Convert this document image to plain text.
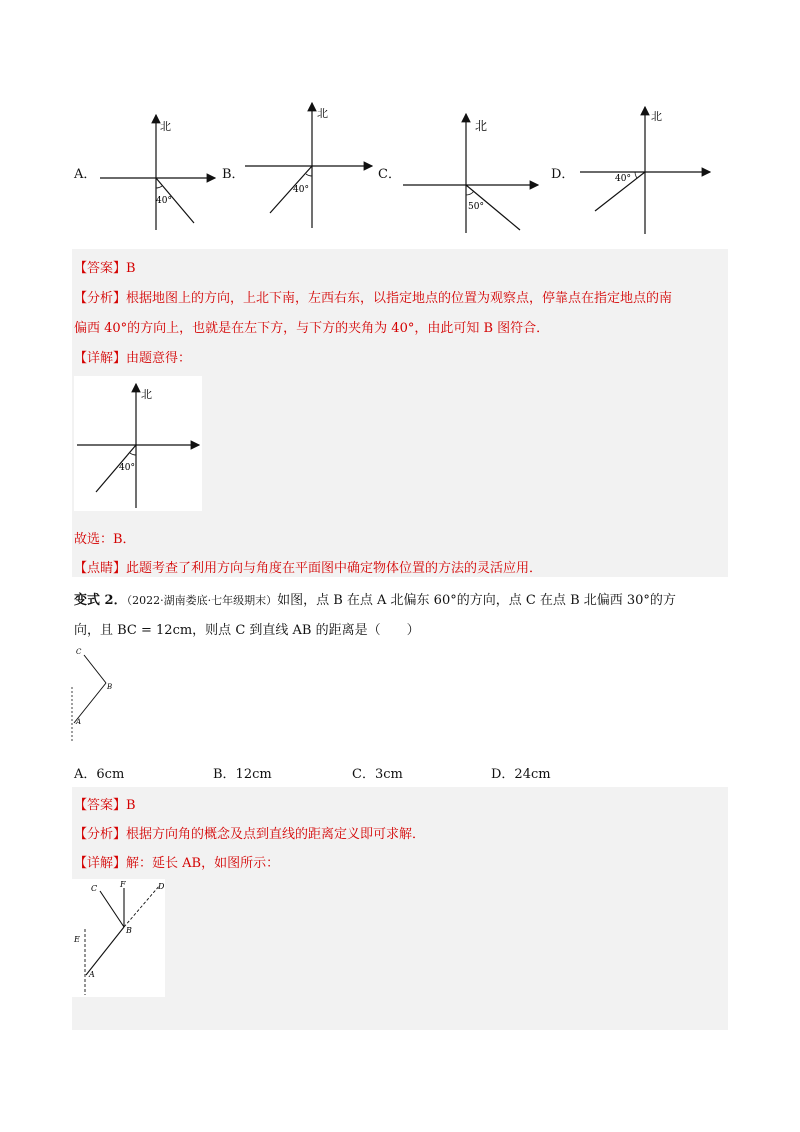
A．
北
40°
B．
北
40°
C．
北
50°
D．
北
40°
【答案】B
【分析】根据地图上的方向，上北下南，左西右东，以指定地点的位置为观察点，停靠点在指定地点的南
偏西 40°的方向上，也就是在左下方，与下方的夹角为 40°，由此可知 B 图符合．
【详解】由题意得：
北
40°
故选：B．
【点睛】此题考查了利用方向与角度在平面图中确定物体位置的方法的灵活应用．
变式 2．（2022·湖南娄底·七年级期末）如图，点 B 在点 A 北偏东 60°的方向，点 C 在点 B 北偏西 30°的方
向，且 BC = 12cm，则点 C 到直线 AB 的距离是（　　）
C
B
A
A．6cm	B．12cm	C．3cm	D．24cm
【答案】B
【分析】根据方向角的概念及点到直线的距离定义即可求解．
【详解】解：延长 AB，如图所示：
C	F	D
E
B
A
